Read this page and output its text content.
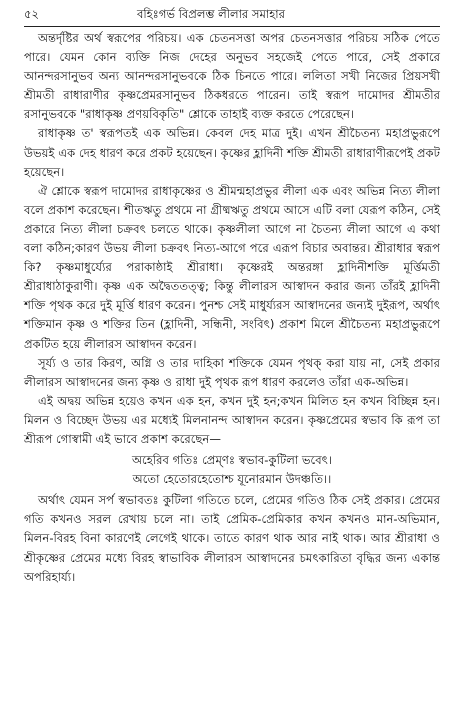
৫২	বহিঃগর্ভ বিপ্রলম্ভ লীলার সমাহার

অন্তর্দৃষ্টির অর্থ স্বরূপের পরিচয়। এক চেতনসত্তা অপর চেতনসত্তার পরিচয় সঠিক পেতে পারে। যেমন কোন ব্যক্তি নিজ দেহের অনুভব সহজেই পেতে পারে, সেই প্রকারে আনন্দরসানুভব অন্য আনন্দরসানুভবকে ঠিক চিনতে পারে। ললিতা সখী নিজের প্রিয়সখী শ্রীমতী রাধারাণীর কৃষ্ণপ্রেমরসানুভব ঠিকধরতে পারেন। তাই স্বরূপ দামোদর শ্রীমতীর রসানুভবকে "রাধাকৃষ্ণ প্রণয়বিকৃতি" শ্লোকে তাহাই ব্যক্ত করতে পেরেছেন।

রাধাকৃষ্ণ ত' স্বরূপতই এক অভিন্ন। কেবল দেহ মাত্র দুই। এখন শ্রীচৈতন্য মহাপ্রভুরূপে উভয়ই এক দেহ ধারণ করে প্রকট হয়েছেন। কৃষ্ণের হ্লাদিনী শক্তি শ্রীমতী রাধারাণীরূপেই প্রকট হয়েছেন।

ঐ শ্লোকে স্বরূপ দামোদর রাধাকৃষ্ণের ও শ্রীমন্মহাপ্রভুর লীলা এক এবং অভিন্ন নিত্য লীলা বলে প্রকাশ করেছেন। শীতঋতু প্রথমে না গ্রীষ্মঋতু প্রথমে আসে এটি বলা যেরূপ কঠিন, সেই প্রকারে নিত্য লীলা চক্রবৎ চলতে থাকে। কৃষ্ণলীলা আগে না চৈতন্য লীলা আগে এ কথা বলা কঠিন;কারণ উভয় লীলা চক্রবৎ নিত্য-আগে পরে এরূপ বিচার অবান্তর। শ্রীরাধার স্বরূপ কি? কৃষ্ণমাধুর্য্যের পরাকাষ্ঠাই শ্রীরাধা। কৃষ্ণেরই অন্তরঙ্গা হ্লাদিনীশক্তি মূর্ত্তিমতী শ্রীরাধাঠাকুরাণী। কৃষ্ণ এক অদ্বৈততত্ত্ব; কিন্তু লীলারস আস্বাদন করার জন্য তাঁরই হ্লাদিনী শক্তি পৃথক করে দুই মূর্ত্তি ধারণ করেন। পুনশ্চ সেই মাধুর্য্যরস আস্বাদনের জন্যই দুইরূপ, অর্থাৎ শক্তিমান কৃষ্ণ ও শক্তির তিন (হ্লাদিনী, সন্ধিনী, সংবিৎ) প্রকাশ মিলে শ্রীচৈতন্য মহাপ্রভুরূপে প্রকটিত হয়ে লীলারস আস্বাদন করেন।

সূর্য্য ও তার কিরণ, অগ্নি ও তার দাহিকা শক্তিকে যেমন পৃথক্ করা যায় না, সেই প্রকার লীলারস আস্বাদনের জন্য কৃষ্ণ ও রাধা দুই পৃথক রূপ ধারণ করলেও তাঁরা এক-অভিন্ন।

এই অদ্বয় অভিন্ন হয়েও কখন এক হন, কখন দুই হন;কখন মিলিত হন কখন বিচ্ছিন্ন হন। মিলন ও বিচ্ছেদ উভয় এর মধ্যেই মিলনানন্দ আস্বাদন করেন। কৃষ্ণপ্রেমের স্বভাব কি রূপ তা শ্রীরূপ গোস্বামী এই ভাবে প্রকাশ করেছেন—

অহেরিব গতিঃ প্রেম্ণঃ স্বভাব-কুটিলা ভবেৎ।

অতো হেতোরহেতোশ্চ যূনোরমান উদঞ্চতি।।

অর্থাৎ যেমন সর্প স্বভাবতঃ কুটিলা গতিতে চলে, প্রেমের গতিও ঠিক সেই প্রকার। প্রেমের গতি কখনও সরল রেখায় চলে না। তাই প্রেমিক-প্রেমিকার কখন কখনও মান-অভিমান, মিলন-বিরহ বিনা কারণেই লেগেই থাকে। তাতে কারণ থাক আর নাই থাক। আর শ্রীরাধা ও শ্রীকৃষ্ণের প্রেমের মধ্যে বিরহ স্বাভাবিক লীলারস আস্বাদনের চমৎকারিতা বৃদ্ধির জন্য একান্ত অপরিহার্য্য।
